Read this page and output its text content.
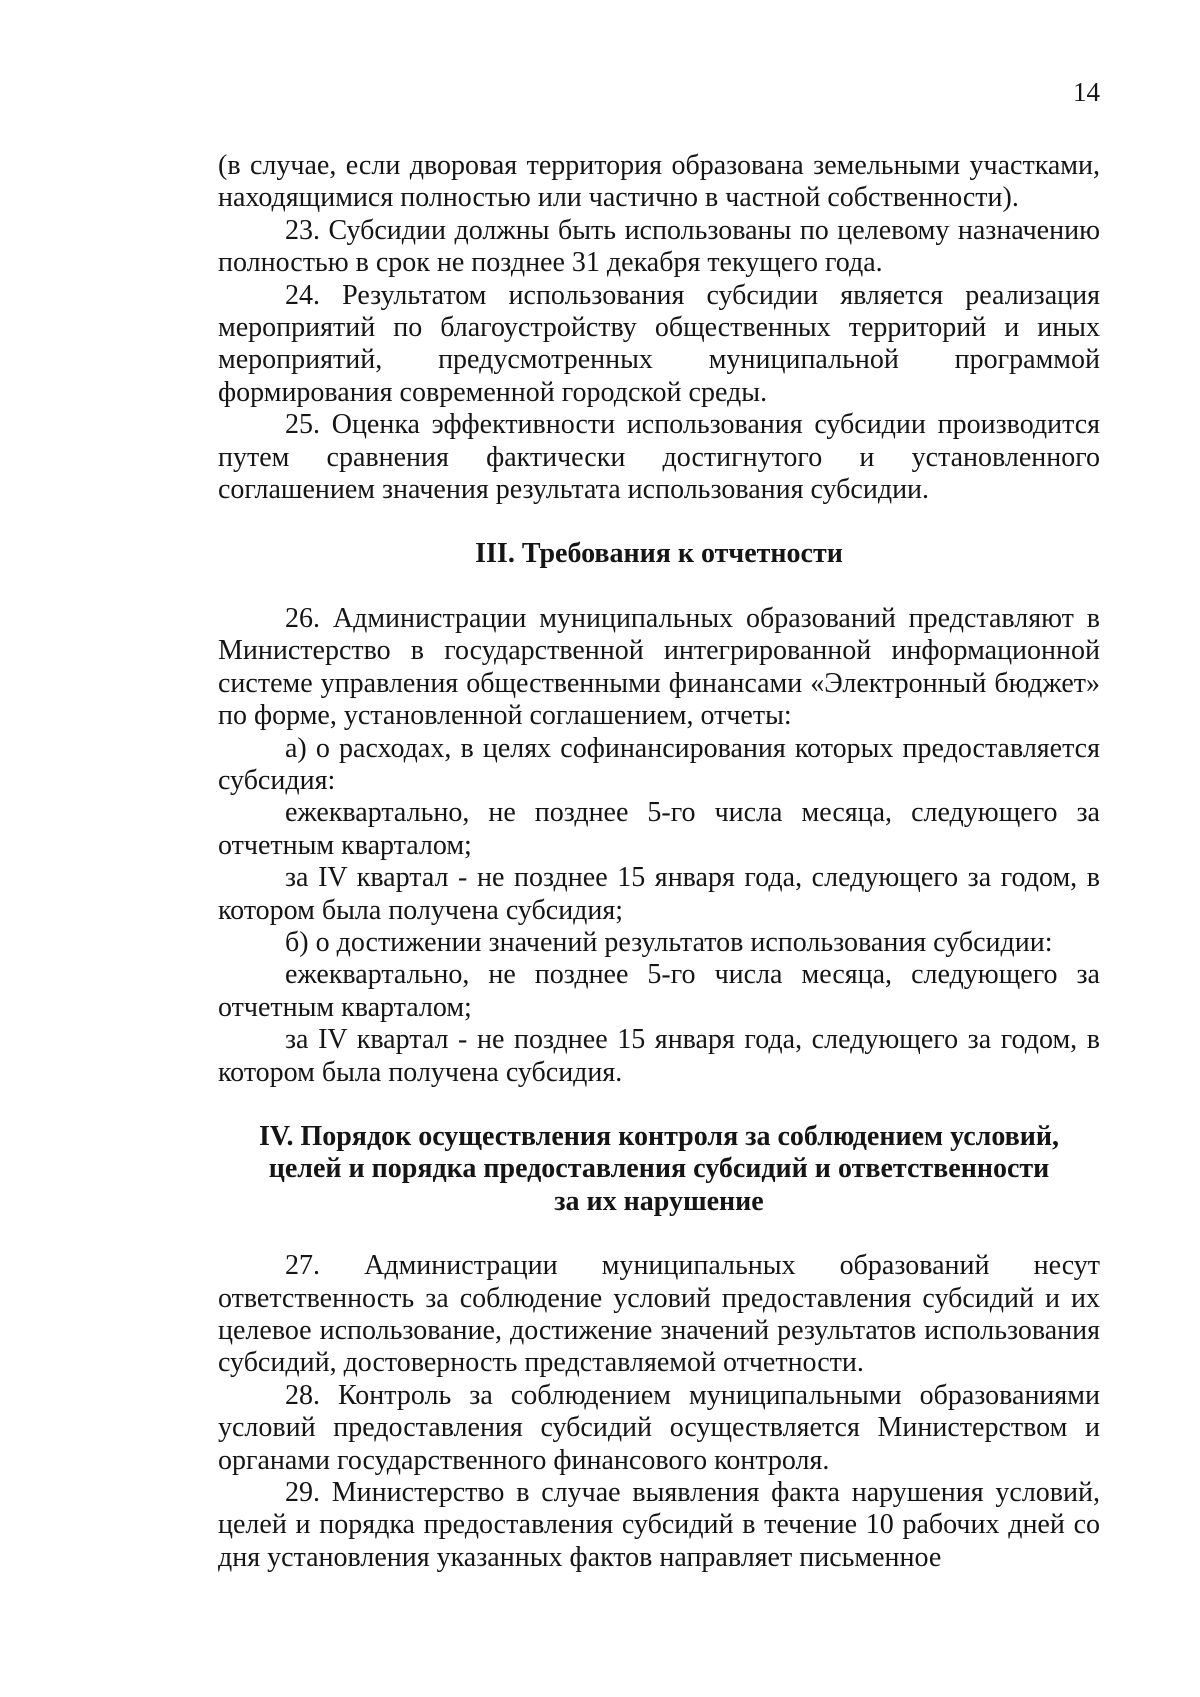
14

(в случае, если дворовая территория образована земельными участками, находящимися полностью или частично в частной собственности).

23. Субсидии должны быть использованы по целевому назначению полностью в срок не позднее 31 декабря текущего года.

24. Результатом использования субсидии является реализация мероприятий по благоустройству общественных территорий и иных мероприятий, предусмотренных муниципальной программой формирования современной городской среды.

25. Оценка эффективности использования субсидии производится путем сравнения фактически достигнутого и установленного соглашением значения результата использования субсидии.

III. Требования к отчетности

26. Администрации муниципальных образований представляют в Министерство в государственной интегрированной информационной системе управления общественными финансами «Электронный бюджет» по форме, установленной соглашением, отчеты:

а) о расходах, в целях софинансирования которых предоставляется субсидия:

ежеквартально, не позднее 5-го числа месяца, следующего за отчетным кварталом;

за IV квартал - не позднее 15 января года, следующего за годом, в котором была получена субсидия;

б) о достижении значений результатов использования субсидии:

ежеквартально, не позднее 5-го числа месяца, следующего за отчетным кварталом;

за IV квартал - не позднее 15 января года, следующего за годом, в котором была получена субсидия.

IV. Порядок осуществления контроля за соблюдением условий,
целей и порядка предоставления субсидий и ответственности
за их нарушение

27. Администрации муниципальных образований несут ответственность за соблюдение условий предоставления субсидий и их целевое использование, достижение значений результатов использования субсидий, достоверность представляемой отчетности.

28. Контроль за соблюдением муниципальными образованиями условий предоставления субсидий осуществляется Министерством и органами государственного финансового контроля.

29. Министерство в случае выявления факта нарушения условий, целей и порядка предоставления субсидий в течение 10 рабочих дней со дня установления указанных фактов направляет письменное
